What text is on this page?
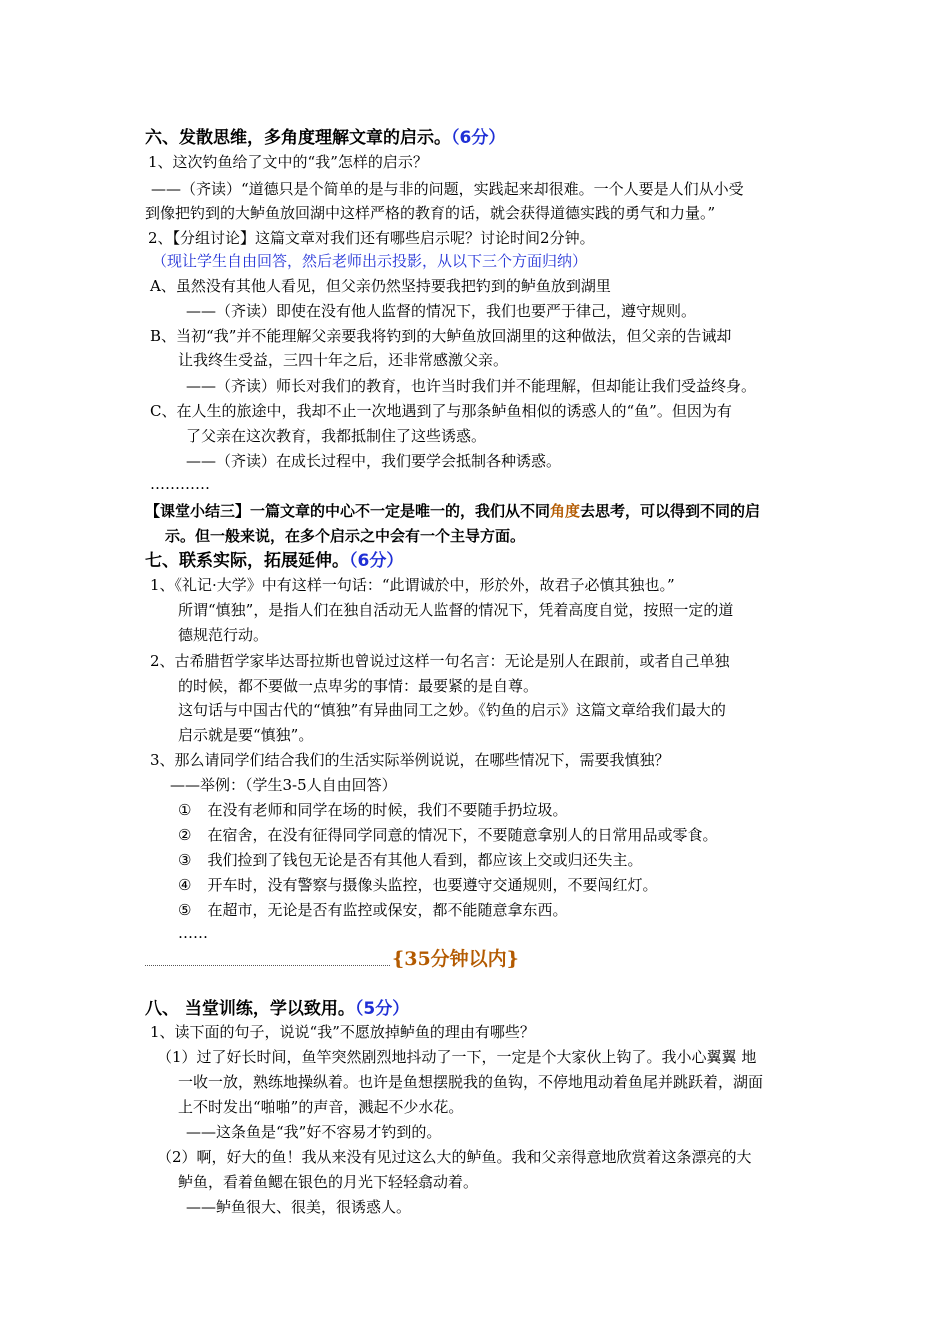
六、发散思维，多角度理解文章的启示。（6分）
1、这次钓鱼给了文中的“我”怎样的启示？
——（齐读）“道德只是个简单的是与非的问题，实践起来却很难。一个人要是人们从小受
到像把钓到的大鲈鱼放回湖中这样严格的教育的话，就会获得道德实践的勇气和力量。”
2、【分组讨论】这篇文章对我们还有哪些启示呢？讨论时间2分钟。
（现让学生自由回答，然后老师出示投影，从以下三个方面归纳）
A、虽然没有其他人看见，但父亲仍然坚持要我把钓到的鲈鱼放到湖里
——（齐读）即使在没有他人监督的情况下，我们也要严于律己，遵守规则。
B、当初“我”并不能理解父亲要我将钓到的大鲈鱼放回湖里的这种做法，但父亲的告诫却
让我终生受益，三四十年之后，还非常感激父亲。
——（齐读）师长对我们的教育，也许当时我们并不能理解，但却能让我们受益终身。
C、在人生的旅途中，我却不止一次地遇到了与那条鲈鱼相似的诱惑人的“鱼”。但因为有
了父亲在这次教育，我都抵制住了这些诱惑。
——（齐读）在成长过程中，我们要学会抵制各种诱惑。
…………
【课堂小结三】一篇文章的中心不一定是唯一的，我们从不同角度去思考，可以得到不同的启
示。但一般来说，在多个启示之中会有一个主导方面。
七、联系实际，拓展延伸。（6分）
1、《礼记·大学》中有这样一句话：“此谓诚於中，形於外，故君子必慎其独也。”
所谓“慎独”，是指人们在独自活动无人监督的情况下，凭着高度自觉，按照一定的道
德规范行动。
2、古希腊哲学家毕达哥拉斯也曾说过这样一句名言：无论是别人在跟前，或者自己单独
的时候，都不要做一点卑劣的事情：最要紧的是自尊。
这句话与中国古代的“慎独”有异曲同工之妙。《钓鱼的启示》这篇文章给我们最大的
启示就是要“慎独”。
3、那么请同学们结合我们的生活实际举例说说，在哪些情况下，需要我慎独？
——举例：（学生3-5人自由回答）
① 在没有老师和同学在场的时候，我们不要随手扔垃圾。
② 在宿舍，在没有征得同学同意的情况下，不要随意拿别人的日常用品或零食。
③ 我们捡到了钱包无论是否有其他人看到，都应该上交或归还失主。
④ 开车时，没有警察与摄像头监控，也要遵守交通规则，不要闯红灯。
⑤ 在超市，无论是否有监控或保安，都不能随意拿东西。
……
{35分钟以内}
八、 当堂训练，学以致用。（5分）
1、读下面的句子，说说“我”不愿放掉鲈鱼的理由有哪些？
（1）过了好长时间，鱼竿突然剧烈地抖动了一下，一定是个大家伙上钩了。我小心翼翼 地
一收一放，熟练地操纵着。也许是鱼想摆脱我的鱼钩，不停地甩动着鱼尾并跳跃着，湖面
上不时发出“啪啪”的声音，溅起不少水花。
——这条鱼是“我”好不容易才钓到的。
（2）啊，好大的鱼！我从来没有见过这么大的鲈鱼。我和父亲得意地欣赏着这条漂亮的大
鲈鱼，看着鱼鳃在银色的月光下轻轻翕动着。
——鲈鱼很大、很美，很诱惑人。
